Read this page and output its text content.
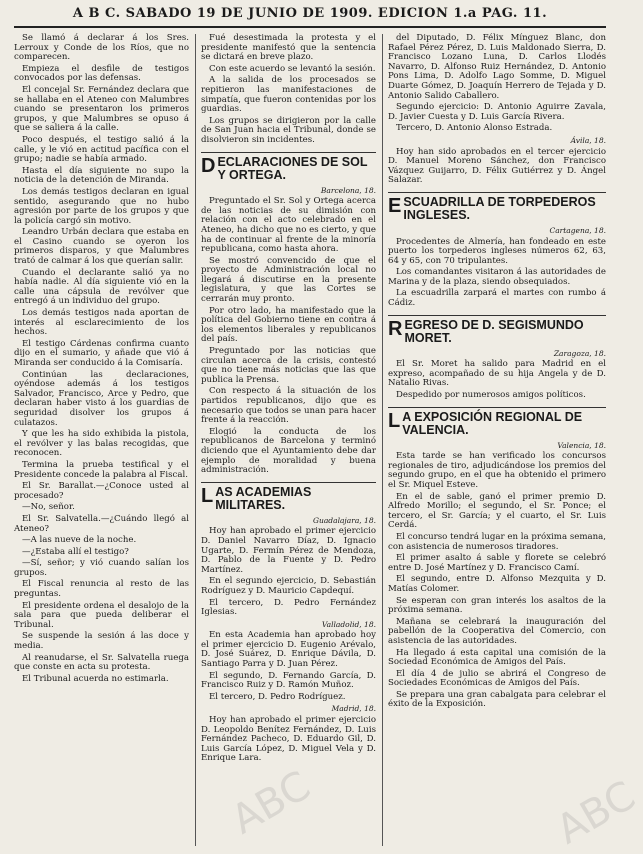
A B C. SABADO 19 DE JUNIO DE 1909. EDICION 1.a PAG. 11.

Se llamó á declarar á los Sres. Lerroux y Conde de los Ríos, que no comparecen.

Empieza el desfile de testigos convocados por las defensas.

El concejal Sr. Fernández declara que se hallaba en el Ateneo con Malumbres cuando se presentaron los primeros grupos, y que Malumbres se opuso á que se saliera á la calle.

Poco después, el testigo salió á la calle, y le vió en actitud pacífica con el grupo; nadie se había armado.

Hasta el día siguiente no supo la noticia de la detención de Miranda.

Los demás testigos declaran en igual sentido, asegurando que no hubo agresión por parte de los grupos y que la policía cargó sin motivo.

Leandro Urbán declara que estaba en el Casino cuando se oyeron los primeros disparos, y que Malumbres trató de calmar á los que querían salir.

Cuando el declarante salió ya no había nadie. Al día siguiente vió en la calle una cápsula de revólver que entregó á un individuo del grupo.

Los demás testigos nada aportan de interés al esclarecimiento de los hechos.

El testigo Cárdenas confirma cuanto dijo en el sumario, y añade que vió á Miranda ser conducido á la Comisaría.

Continúan las declaraciones, oyéndose además á los testigos Salvador, Francisco, Arce y Pedro, que declaran haber visto á los guardias de seguridad disolver los grupos á culatazos.

Y que les ha sido exhibida la pistola, el revólver y las balas recogidas, que reconocen.

Termina la prueba testifical y el Presidente concede la palabra al Fiscal.

El Sr. Barallat.—¿Conoce usted al procesado?

—No, señor.

El Sr. Salvatella.—¿Cuándo llegó al Ateneo?

—A las nueve de la noche.

—¿Estaba allí el testigo?

—Sí, señor; y vió cuando salían los grupos.

El Fiscal renuncia al resto de las preguntas.

El presidente ordena el desalojo de la sala para que pueda deliberar el Tribunal.

Se suspende la sesión á las doce y media.

Al reanudarse, el Sr. Salvatella ruega que conste en acta su protesta.

El Tribunal acuerda no estimarla.

Fué desestimada la protesta y el presidente manifestó que la sentencia se dictará en breve plazo.

Con este acuerdo se levantó la sesión.

A la salida de los procesados se repitieron las manifestaciones de simpatía, que fueron contenidas por los guardias.

Los grupos se dirigieron por la calle de San Juan hacia el Tribunal, donde se disolvieron sin incidentes.

DECLARACIONES DE SOL Y ORTEGA.

Barcelona, 18.

Preguntado el Sr. Sol y Ortega acerca de las noticias de su dimisión con relación con el acto celebrado en el Ateneo, ha dicho que no es cierto, y que ha de continuar al frente de la minoría republicana, como hasta ahora.

Se mostró convencido de que el proyecto de Administración local no llegará á discutirse en la presente legislatura, y que las Cortes se cerrarán muy pronto.

Por otro lado, ha manifestado que la política del Gobierno tiene en contra á los elementos liberales y republicanos del país.

Preguntado por las noticias que circulan acerca de la crisis, contestó que no tiene más noticias que las que publica la Prensa.

Con respecto á la situación de los partidos republicanos, dijo que es necesario que todos se unan para hacer frente á la reacción.

Elogió la conducta de los republicanos de Barcelona y terminó diciendo que el Ayuntamiento debe dar ejemplo de moralidad y buena administración.

LAS ACADEMIAS MILITARES.

Guadalajara, 18.

Hoy han aprobado el primer ejercicio D. Daniel Navarro Díaz, D. Ignacio Ugarte, D. Fermín Pérez de Mendoza, D. Pablo de la Fuente y D. Pedro Martínez.

En el segundo ejercicio, D. Sebastián Rodríguez y D. Mauricio Capdequí.

El tercero, D. Pedro Fernández Iglesias.

Valladolid, 18.

En esta Academia han aprobado hoy el primer ejercicio D. Eugenio Arévalo, D. José Suárez, D. Enrique Dávila, D. Santiago Parra y D. Juan Pérez.

El segundo, D. Fernando García, D. Francisco Ruiz y D. Ramón Muñoz.

El tercero, D. Pedro Rodríguez.

Madrid, 18.

Hoy han aprobado el primer ejercicio D. Leopoldo Benítez Fernández, D. Luis Fernández Pacheco, D. Eduardo Gil, D. Luis García López, D. Miguel Vela y D. Enrique Lara.

del Diputado, D. Félix Mínguez Blanc, don Rafael Pérez Pérez, D. Luis Maldonado Sierra, D. Francisco Lozano Luna, D. Carlos Llodés Navarro, D. Alfonso Ruiz Hernández, D. Antonio Pons Lima, D. Adolfo Lago Somme, D. Miguel Duarte Gómez, D. Joaquín Herrero de Tejada y D. Antonio Salido Caballero.

Segundo ejercicio: D. Antonio Aguirre Zavala, D. Javier Cuesta y D. Luis García Rivera.

Tercero, D. Antonio Alonso Estrada.

Ávila, 18.

Hoy han sido aprobados en el tercer ejercicio D. Manuel Moreno Sánchez, don Francisco Vázquez Guijarro, D. Félix Gutiérrez y D. Ángel Salazar.

ESCUADRILLA DE TORPEDEROS INGLESES.

Cartagena, 18.

Procedentes de Almería, han fondeado en este puerto los torpederos ingleses números 62, 63, 64 y 65, con 70 tripulantes.

Los comandantes visitaron á las autoridades de Marina y de la plaza, siendo obsequiados.

La escuadrilla zarpará el martes con rumbo á Cádiz.

REGRESO DE D. SEGISMUNDO MORET.

Zaragoza, 18.

El Sr. Moret ha salido para Madrid en el expreso, acompañado de su hija Angela y de D. Natalio Rivas.

Despedido por numerosos amigos políticos.

L A EXPOSICIÓN REGIONAL DE VALENCIA.

Valencia, 18.

Esta tarde se han verificado los concursos regionales de tiro, adjudicándose los premios del segundo grupo, en el que ha obtenido el primero el Sr. Miquel Esteve.

En el de sable, ganó el primer premio D. Alfredo Morillo; el segundo, el Sr. Ponce; el tercero, el Sr. García; y el cuarto, el Sr. Luis Cerdá.

El concurso tendrá lugar en la próxima semana, con asistencia de numerosos tiradores.

El primer asalto á sable y florete se celebró entre D. José Martínez y D. Francisco Camí.

El segundo, entre D. Alfonso Mezquita y D. Matías Colomer.

Se esperan con gran interés los asaltos de la próxima semana.

Mañana se celebrará la inauguración del pabellón de la Cooperativa del Comercio, con asistencia de las autoridades.

Ha llegado á esta capital una comisión de la Sociedad Económica de Amigos del País.

El día 4 de julio se abrirá el Congreso de Sociedades Económicas de Amigos del País.

Se prepara una gran cabalgata para celebrar el éxito de la Exposición.

ABC	ABC
